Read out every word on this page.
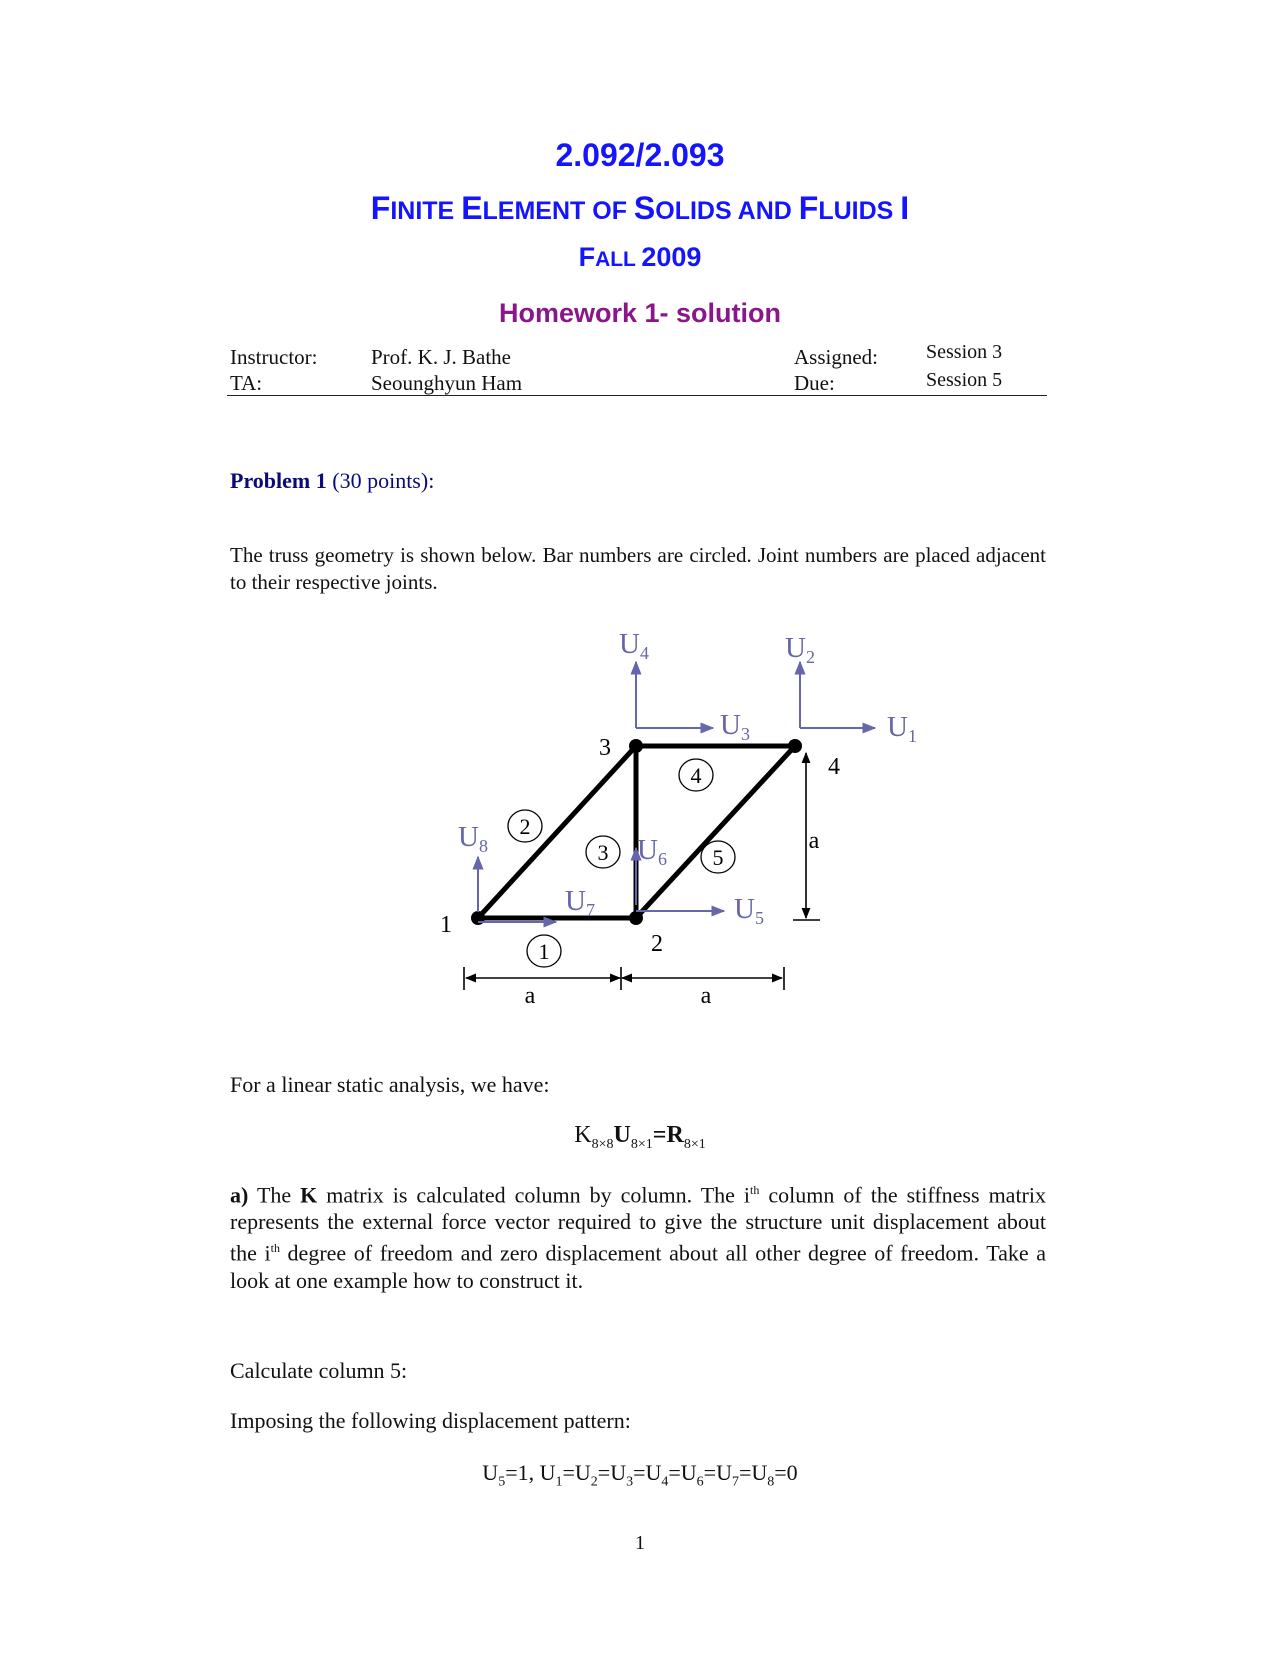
2.092/2.093
FINITE ELEMENT OF SOLIDS AND FLUIDS I
FALL 2009
Homework 1- solution
Instructor:	Prof. K. J. Bathe
TA:	Seounghyun Ham
Assigned: Session 3
Due:	Session 5
Problem 1 (30 points):
The truss geometry is shown below. Bar numbers are circled. Joint numbers are placed adjacent to their respective joints.
1
2
3
4
5
1
2
3
4
a
a	a
$U_1$
$U_2$
$U_3$
$U_4$
$U_5$
$U_6$
$U_7$
$U_8$
For a linear static analysis, we have:
$K_{8\times 8}U_{8\times 1}=R_{8\times 1}$
a) The K matrix is calculated column by column. The $i^{th}$ column of the stiffness matrix represents the external force vector required to give the structure unit displacement about the $i^{th}$ degree of freedom and zero displacement about all other degree of freedom. Take a look at one example how to construct it.
Calculate column 5:
Imposing the following displacement pattern:
$U_5=1$, $U_1=U_2=U_3=U_4=U_6=U_7=U_8=0$
1
